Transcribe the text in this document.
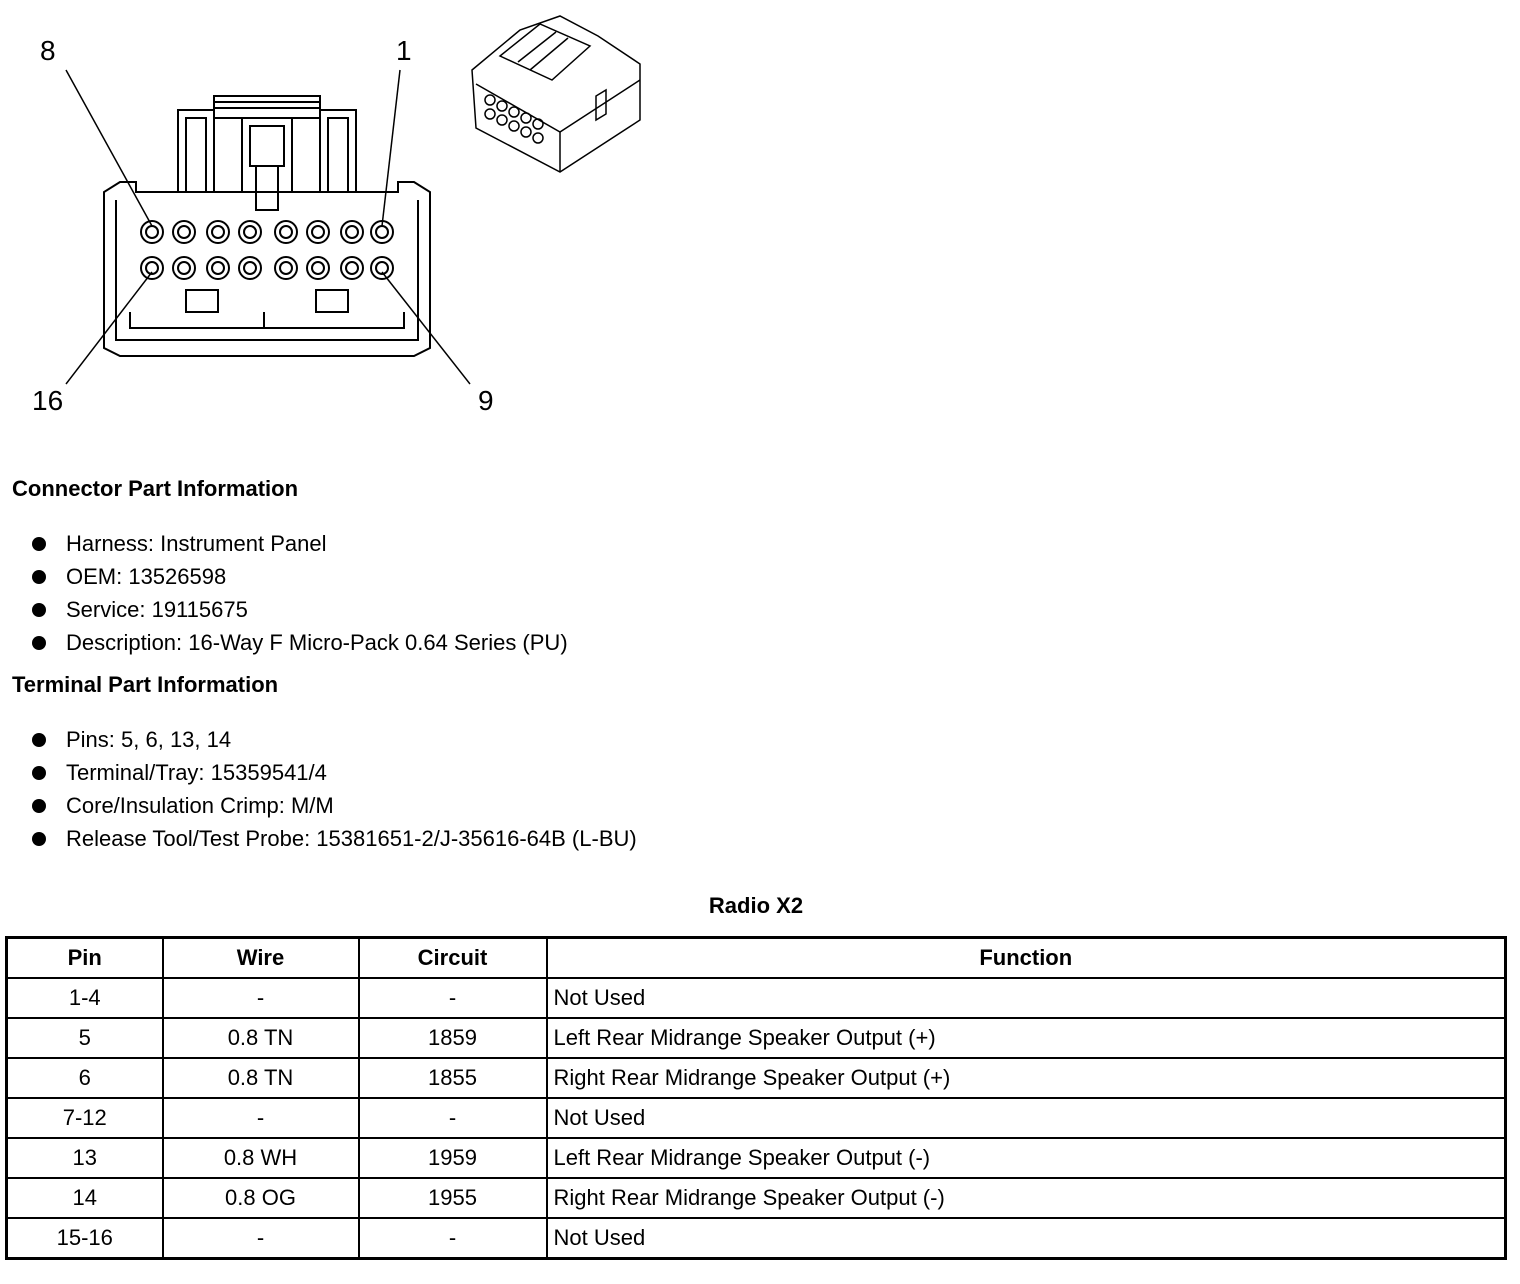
8	1
16	9
Connector Part Information
Harness: Instrument Panel
OEM: 13526598
Service: 19115675
Description: 16-Way F Micro-Pack 0.64 Series (PU)
Terminal Part Information
Pins: 5, 6, 13, 14
Terminal/Tray: 15359541/4
Core/Insulation Crimp: M/M
Release Tool/Test Probe: 15381651-2/J-35616-64B (L-BU)
Radio X2
Pin	Wire	Circuit	Function
1-4	-	-	Not Used
5	0.8 TN	1859	Left Rear Midrange Speaker Output (+)
6	0.8 TN	1855	Right Rear Midrange Speaker Output (+)
7-12	-	-	Not Used
13	0.8 WH	1959	Left Rear Midrange Speaker Output (-)
14	0.8 OG	1955	Right Rear Midrange Speaker Output (-)
15-16	-	-	Not Used
